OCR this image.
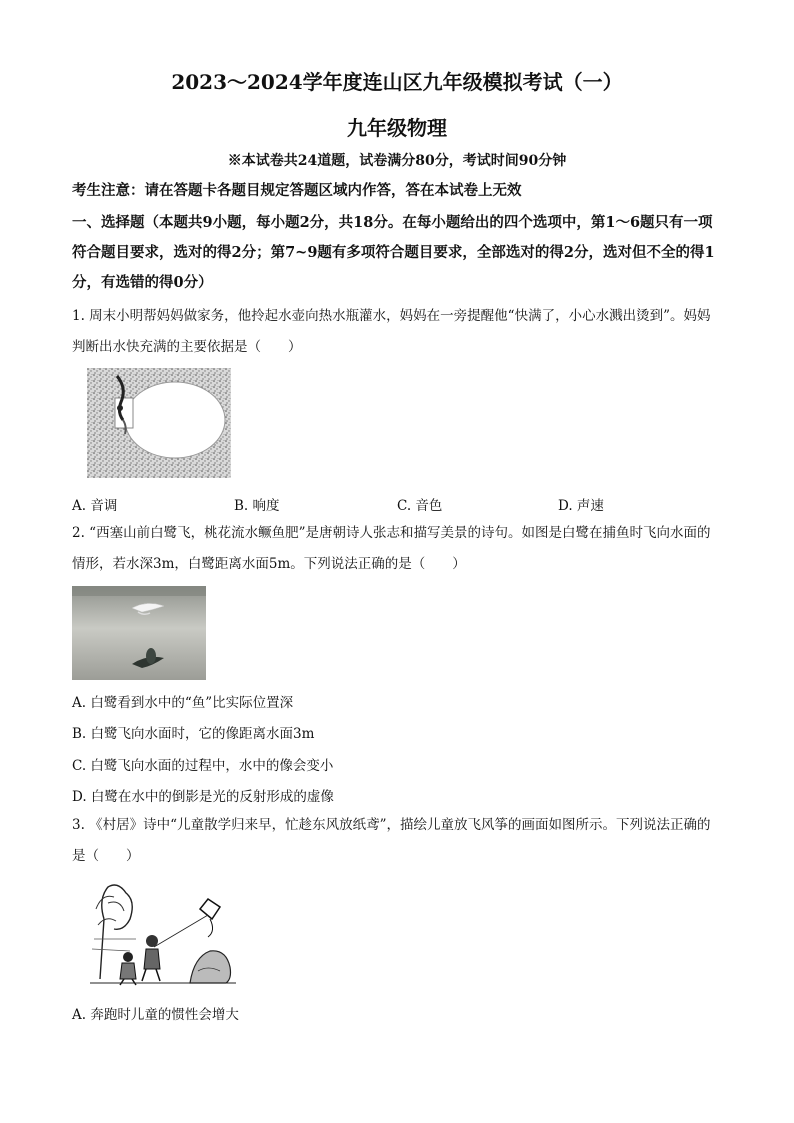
2023～2024学年度连山区九年级模拟考试（一）
九年级物理
※本试卷共24道题，试卷满分80分，考试时间90分钟
考生注意：请在答题卡各题目规定答题区域内作答，答在本试卷上无效
一、选择题（本题共9小题，每小题2分，共18分。在每小题给出的四个选项中，第1～6题只有一项符合题目要求，选对的得2分；第7~9题有多项符合题目要求，全部选对的得2分，选对但不全的得1分，有选错的得0分）
1. 周末小明帮妈妈做家务，他拎起水壶向热水瓶灌水，妈妈在一旁提醒他“快满了，小心水溅出烫到”。妈妈判断出水快充满的主要依据是（　　）
A. 音调	B. 响度	C. 音色	D. 声速
2. “西塞山前白鹭飞，桃花流水鳜鱼肥”是唐朝诗人张志和描写美景的诗句。如图是白鹭在捕鱼时飞向水面的情形，若水深3m，白鹭距离水面5m。下列说法正确的是（　　）
A. 白鹭看到水中的“鱼”比实际位置深
B. 白鹭飞向水面时，它的像距离水面3m
C. 白鹭飞向水面的过程中，水中的像会变小
D. 白鹭在水中的倒影是光的反射形成的虚像
3. 《村居》诗中“儿童散学归来早，忙趁东风放纸鸢”，描绘儿童放飞风筝的画面如图所示。下列说法正确的是（　　）
A. 奔跑时儿童的惯性会增大
